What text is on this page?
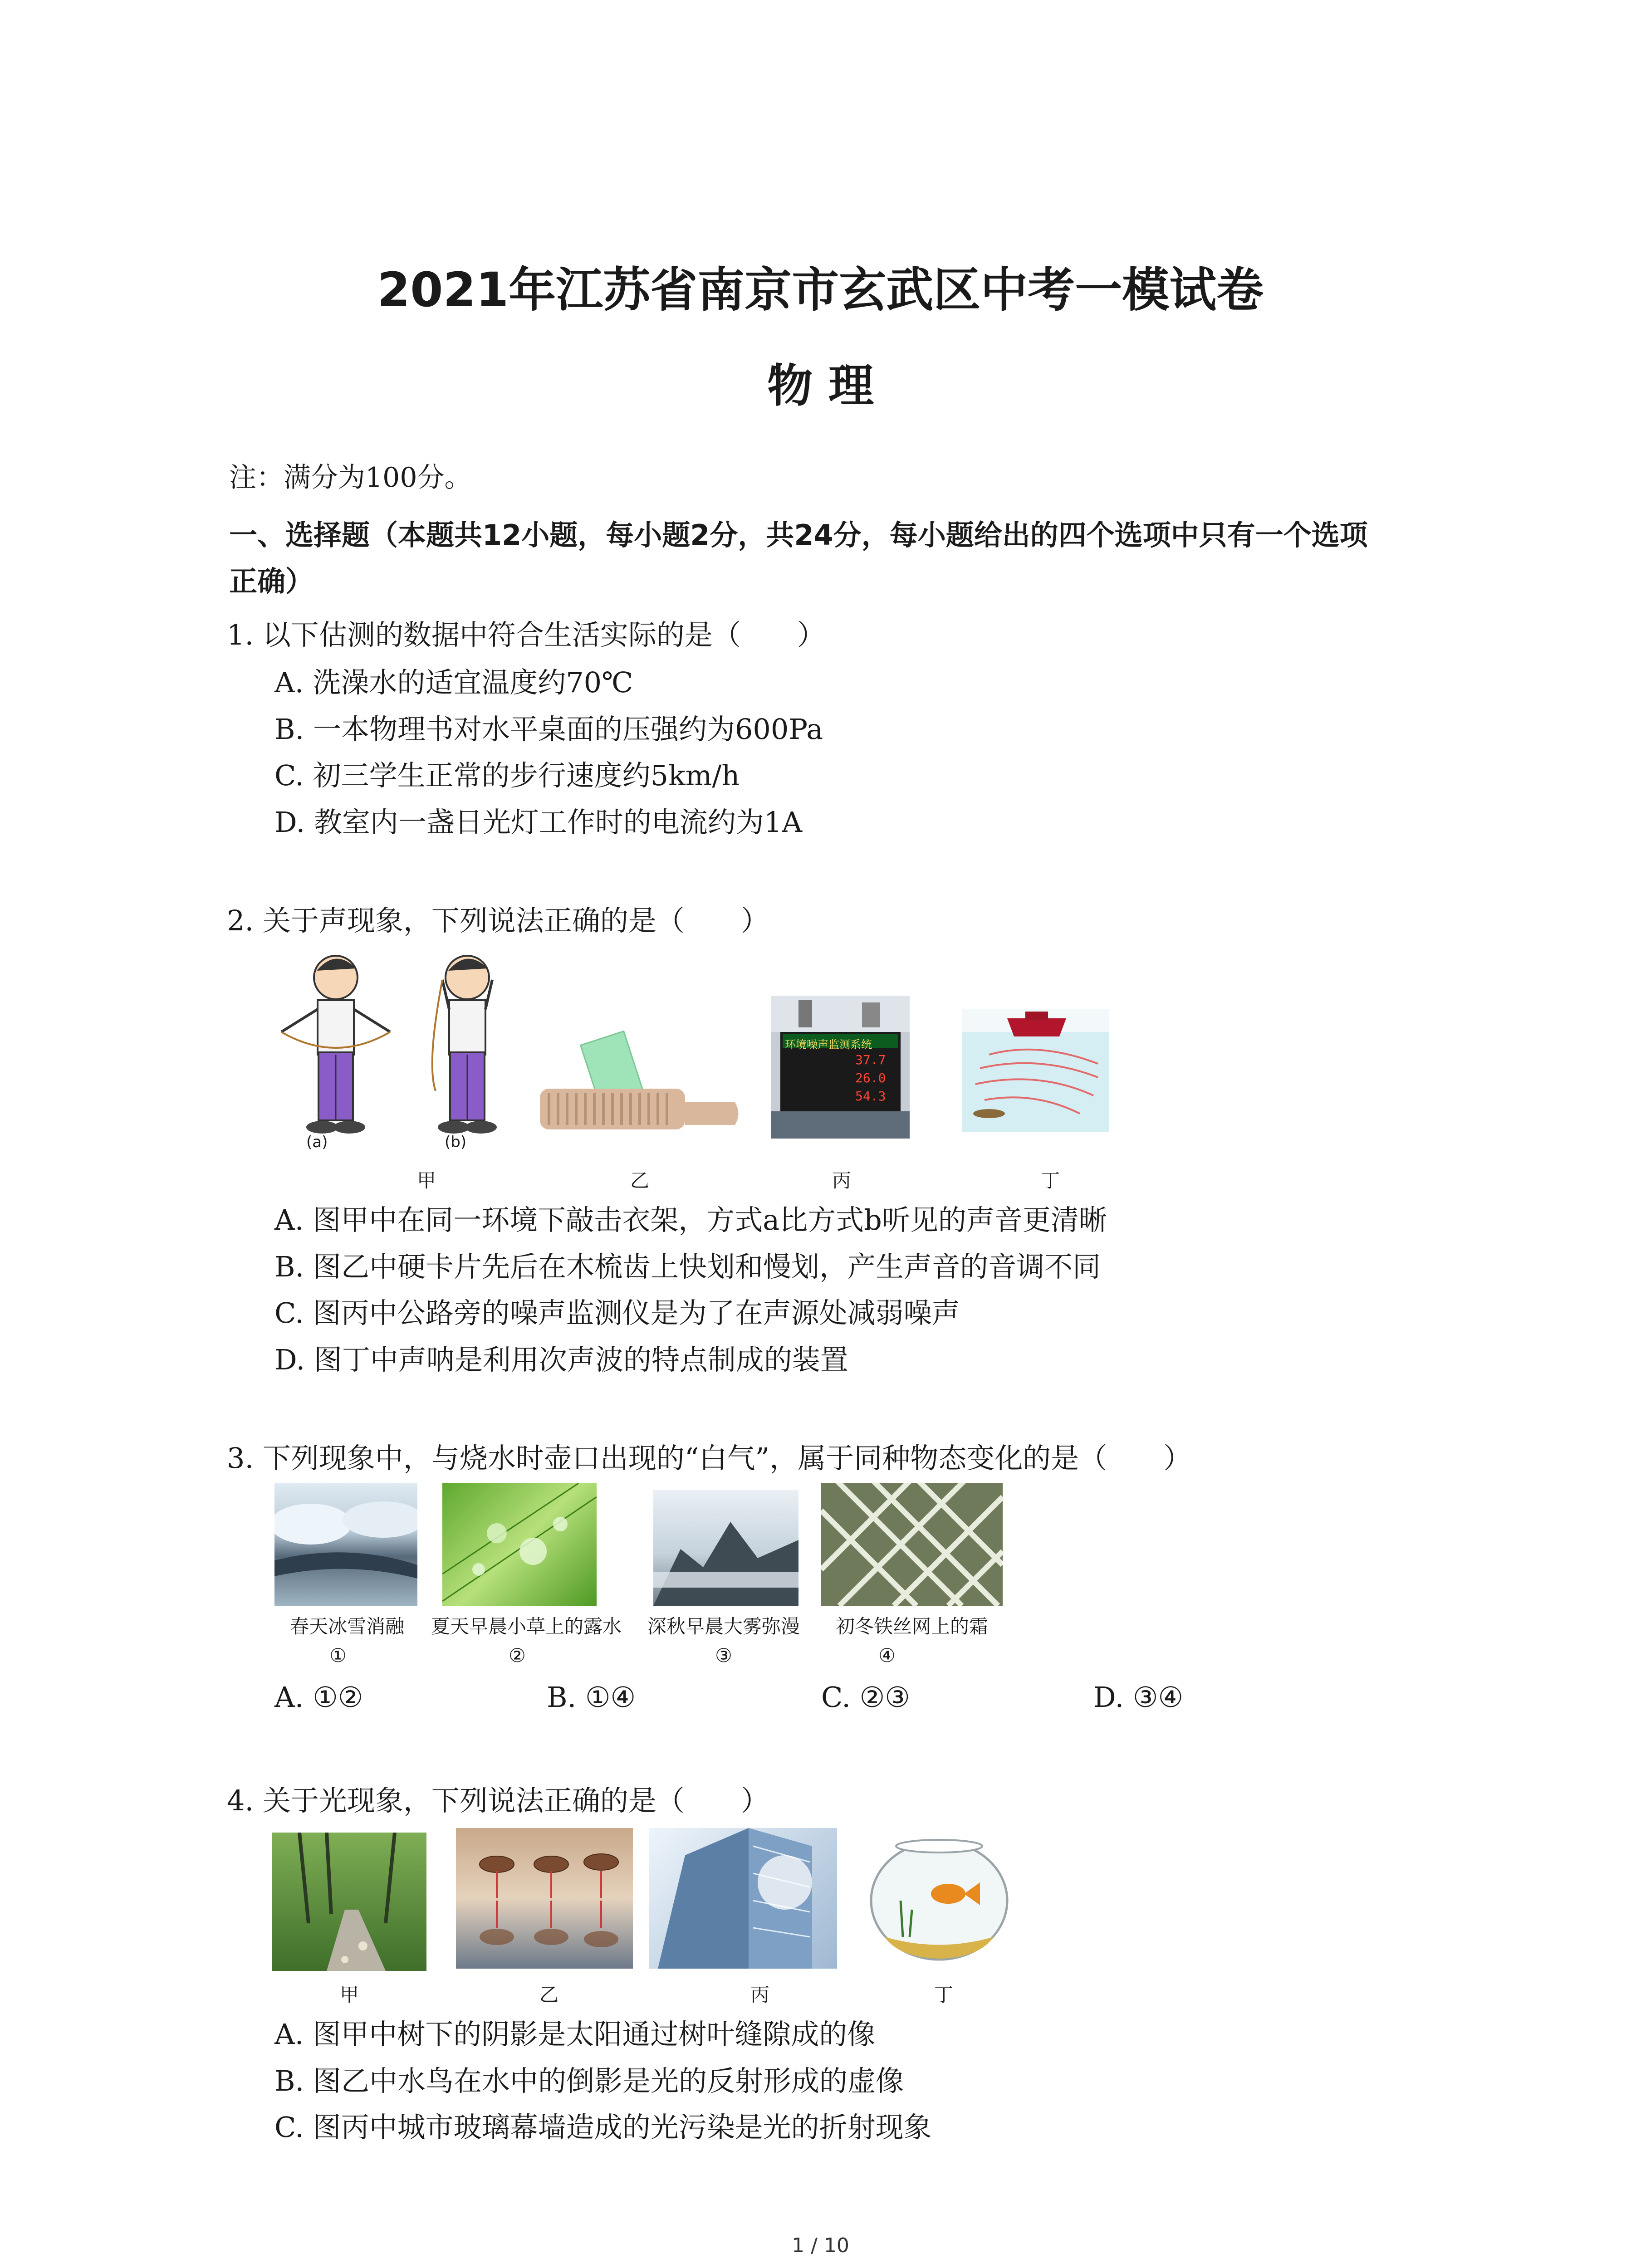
2021年江苏省南京市玄武区中考一模试卷
物 理
注：满分为100分。
一、选择题（本题共12小题，每小题2分，共24分，每小题给出的四个选项中只有一个选项
正确）
1. 以下估测的数据中符合生活实际的是（　　）
A. 洗澡水的适宜温度约70℃
B. 一本物理书对水平桌面的压强约为600Pa
C. 初三学生正常的步行速度约5km/h
D. 教室内一盏日光灯工作时的电流约为1A
2. 关于声现象，下列说法正确的是（　　）
(a)	(b)
环境噪声监测系统
37.7
26.0
54.3
甲	乙	丙	丁
A. 图甲中在同一环境下敲击衣架，方式a比方式b听见的声音更清晰
B. 图乙中硬卡片先后在木梳齿上快划和慢划，产生声音的音调不同
C. 图丙中公路旁的噪声监测仪是为了在声源处减弱噪声
D. 图丁中声呐是利用次声波的特点制成的装置
3. 下列现象中，与烧水时壶口出现的“白气”，属于同种物态变化的是（　　）
春天冰雪消融	夏天早晨小草上的露水	深秋早晨大雾弥漫	初冬铁丝网上的霜
①	②	③	④
A. ①②	B. ①④	C. ②③	D. ③④
4. 关于光现象，下列说法正确的是（　　）
甲	乙	丙	丁
A. 图甲中树下的阴影是太阳通过树叶缝隙成的像
B. 图乙中水鸟在水中的倒影是光的反射形成的虚像
C. 图丙中城市玻璃幕墙造成的光污染是光的折射现象
1 / 10
